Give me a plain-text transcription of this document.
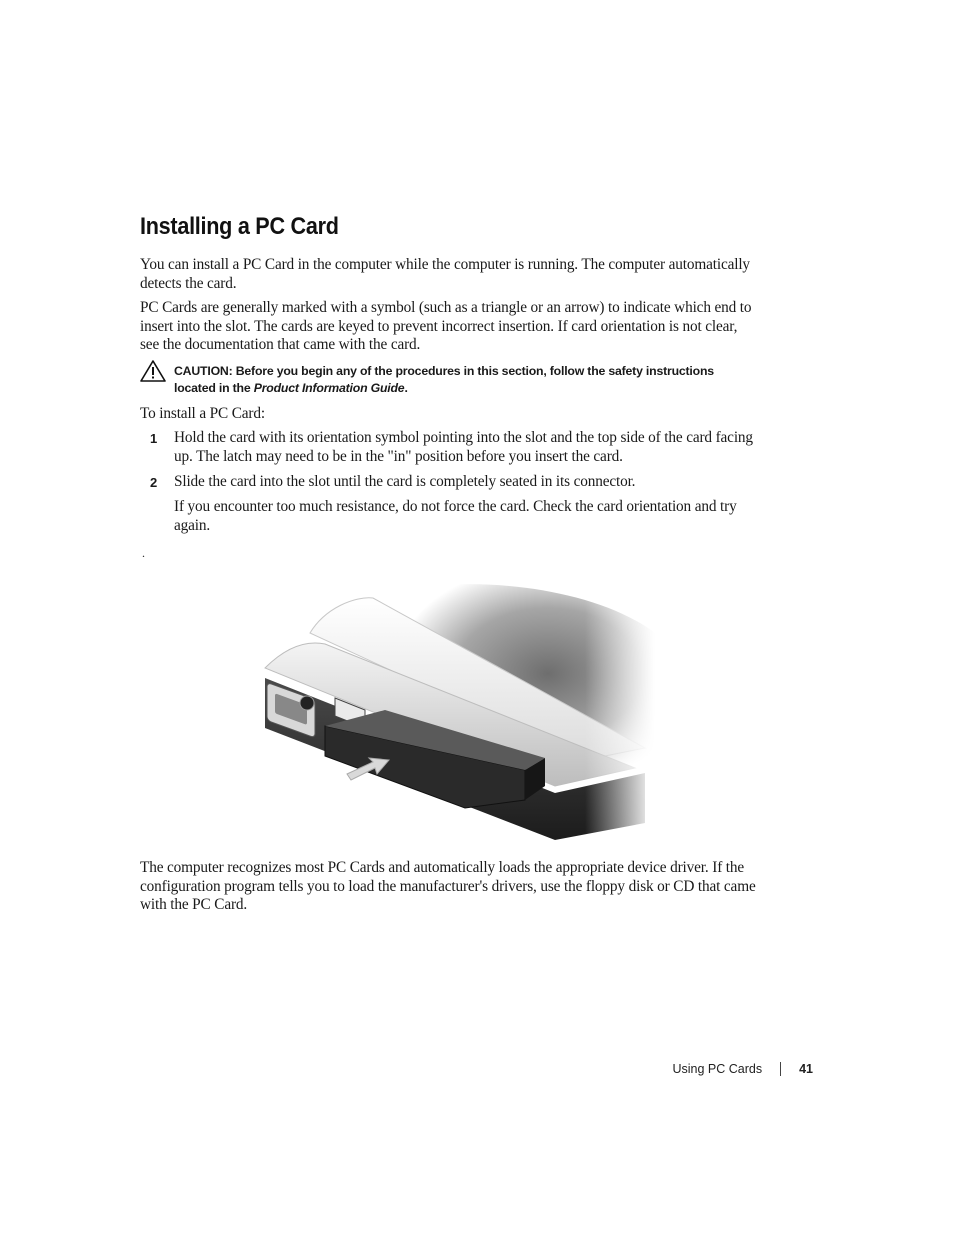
Installing a PC Card

You can install a PC Card in the computer while the computer is running. The computer automatically detects the card.

PC Cards are generally marked with a symbol (such as a triangle or an arrow) to indicate which end to insert into the slot. The cards are keyed to prevent incorrect insertion. If card orientation is not clear, see the documentation that came with the card.

CAUTION: Before you begin any of the procedures in this section, follow the safety instructions located in the Product Information Guide.

To install a PC Card:

1 Hold the card with its orientation symbol pointing into the slot and the top side of the card facing up. The latch may need to be in the "in" position before you insert the card.

2 Slide the card into the slot until the card is completely seated in its connector.

If you encounter too much resistance, do not force the card. Check the card orientation and try again.

.

The computer recognizes most PC Cards and automatically loads the appropriate device driver. If the configuration program tells you to load the manufacturer's drivers, use the floppy disk or CD that came with the PC Card.

Using PC Cards	41
